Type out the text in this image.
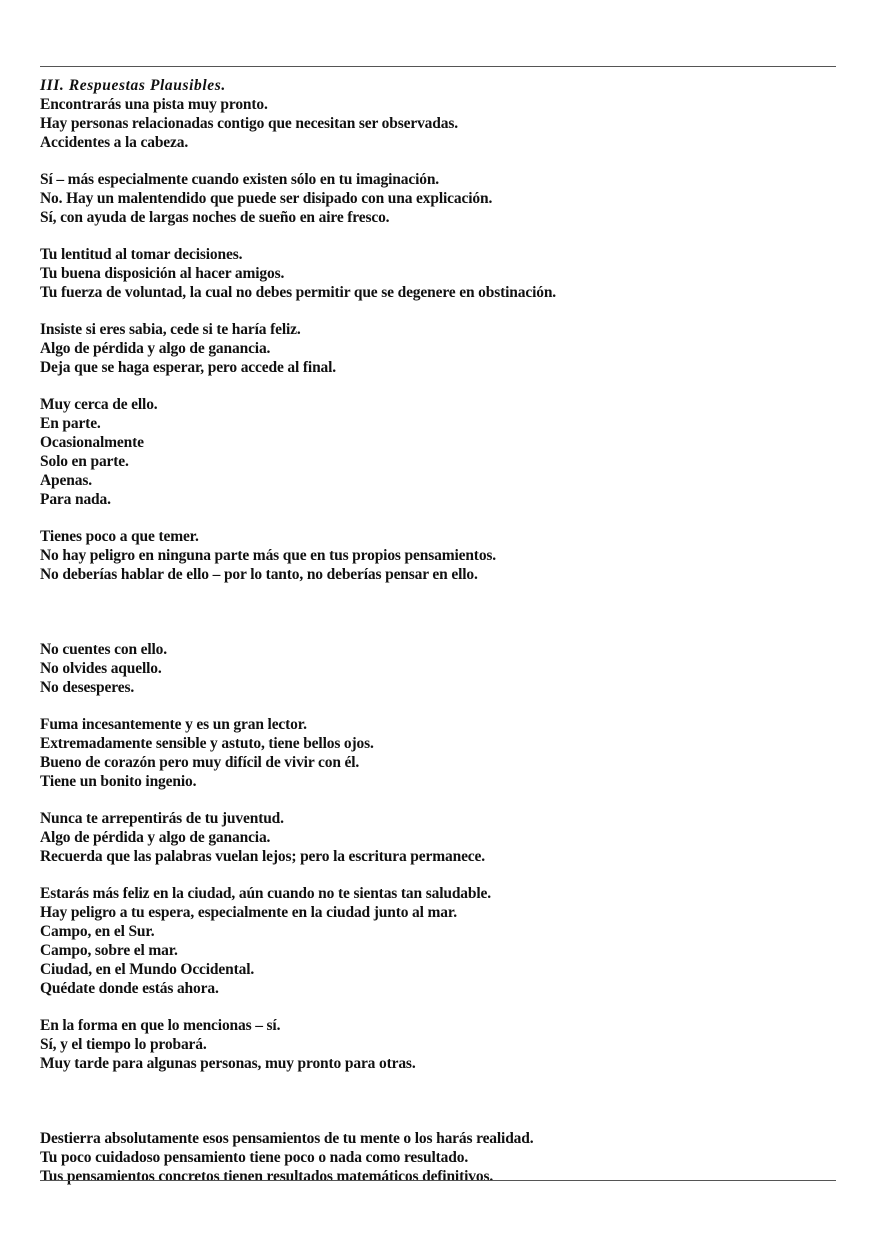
III. Respuestas Plausibles.
Encontrarás una pista muy pronto.
Hay personas relacionadas contigo que necesitan ser observadas.
Accidentes a la cabeza.
Sí – más especialmente cuando existen sólo en tu imaginación.
No. Hay un malentendido que puede ser disipado con una explicación.
Sí, con ayuda de largas noches de sueño en aire fresco.
Tu lentitud al tomar decisiones.
Tu buena disposición al hacer amigos.
Tu fuerza de voluntad, la cual no debes permitir que se degenere en obstinación.
Insiste si eres sabia, cede si te haría feliz.
Algo de pérdida y algo de ganancia.
Deja que se haga esperar, pero accede al final.
Muy cerca de ello.
En parte.
Ocasionalmente
Solo en parte.
Apenas.
Para nada.
Tienes poco a que temer.
No hay peligro en ninguna parte más que en tus propios pensamientos.
No deberías hablar de ello – por lo tanto, no deberías pensar en ello.
No cuentes con ello.
No olvides aquello.
No desesperes.
Fuma incesantemente y es un gran lector.
Extremadamente sensible y astuto, tiene bellos ojos.
Bueno de corazón pero muy difícil de vivir con él.
Tiene un bonito ingenio.
Nunca te arrepentirás de tu juventud.
Algo de pérdida y algo de ganancia.
Recuerda que las palabras vuelan lejos; pero la escritura permanece.
Estarás más feliz en la ciudad, aún cuando no te sientas tan saludable.
Hay peligro a tu espera, especialmente en la ciudad junto al mar.
Campo, en el Sur.
Campo, sobre el mar.
Ciudad, en el Mundo Occidental.
Quédate donde estás ahora.
En la forma en que lo mencionas – sí.
Sí, y el tiempo lo probará.
Muy tarde para algunas personas, muy pronto para otras.
Destierra absolutamente esos pensamientos de tu mente o los harás realidad.
Tu poco cuidadoso pensamiento tiene poco o nada como resultado.
Tus pensamientos concretos tienen resultados matemáticos definitivos.
